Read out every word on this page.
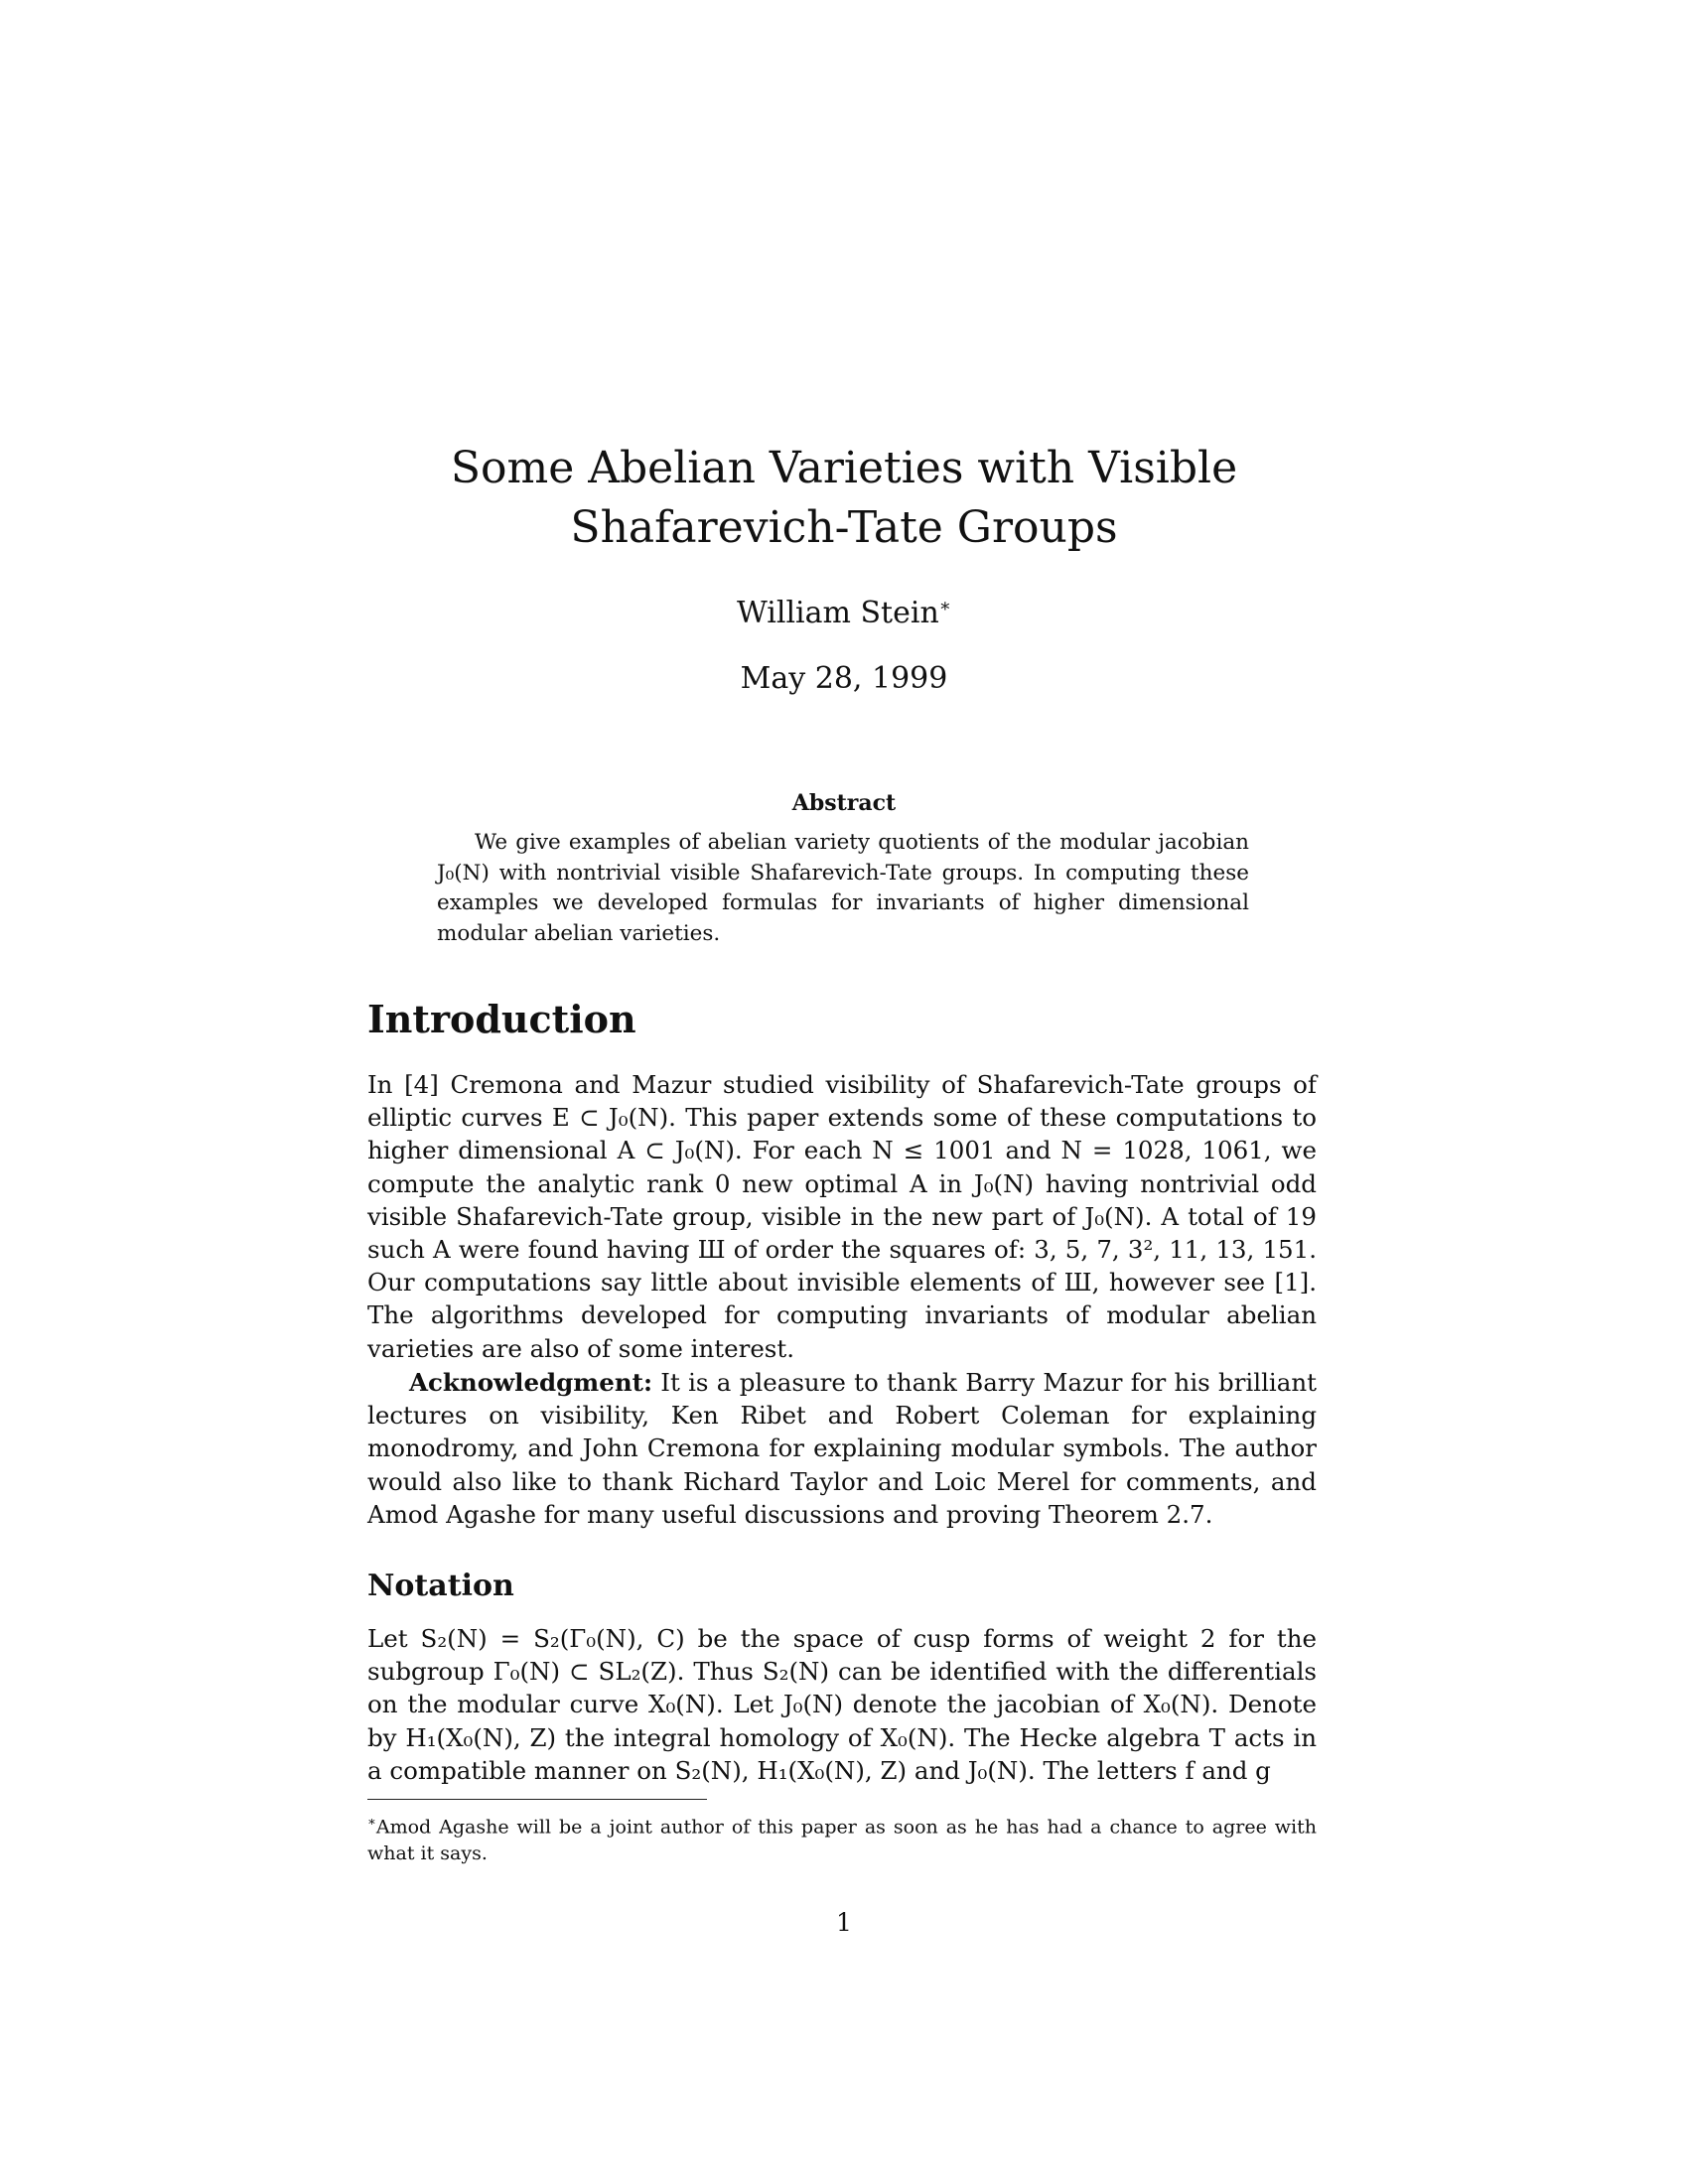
Some Abelian Varieties with Visible
Shafarevich-Tate Groups
William Stein∗
May 28, 1999
Abstract
We give examples of abelian variety quotients of the modular jacobian J₀(N) with nontrivial visible Shafarevich-Tate groups. In computing these examples we developed formulas for invariants of higher dimensional modular abelian varieties.
Introduction
In [4] Cremona and Mazur studied visibility of Shafarevich-Tate groups of elliptic curves E ⊂ J₀(N). This paper extends some of these computations to higher dimensional A ⊂ J₀(N). For each N ≤ 1001 and N = 1028, 1061, we compute the analytic rank 0 new optimal A in J₀(N) having nontrivial odd visible Shafarevich-Tate group, visible in the new part of J₀(N). A total of 19 such A were found having Ш of order the squares of: 3, 5, 7, 3², 11, 13, 151. Our computations say little about invisible elements of Ш, however see [1]. The algorithms developed for computing invariants of modular abelian varieties are also of some interest.
Acknowledgment: It is a pleasure to thank Barry Mazur for his brilliant lectures on visibility, Ken Ribet and Robert Coleman for explaining monodromy, and John Cremona for explaining modular symbols. The author would also like to thank Richard Taylor and Loic Merel for comments, and Amod Agashe for many useful discussions and proving Theorem 2.7.
Notation
Let S₂(N) = S₂(Γ₀(N), C) be the space of cusp forms of weight 2 for the subgroup Γ₀(N) ⊂ SL₂(Z). Thus S₂(N) can be identified with the differentials on the modular curve X₀(N). Let J₀(N) denote the jacobian of X₀(N). Denote by H₁(X₀(N), Z) the integral homology of X₀(N). The Hecke algebra T acts in a compatible manner on S₂(N), H₁(X₀(N), Z) and J₀(N). The letters f and g
∗Amod Agashe will be a joint author of this paper as soon as he has had a chance to agree with what it says.
1
